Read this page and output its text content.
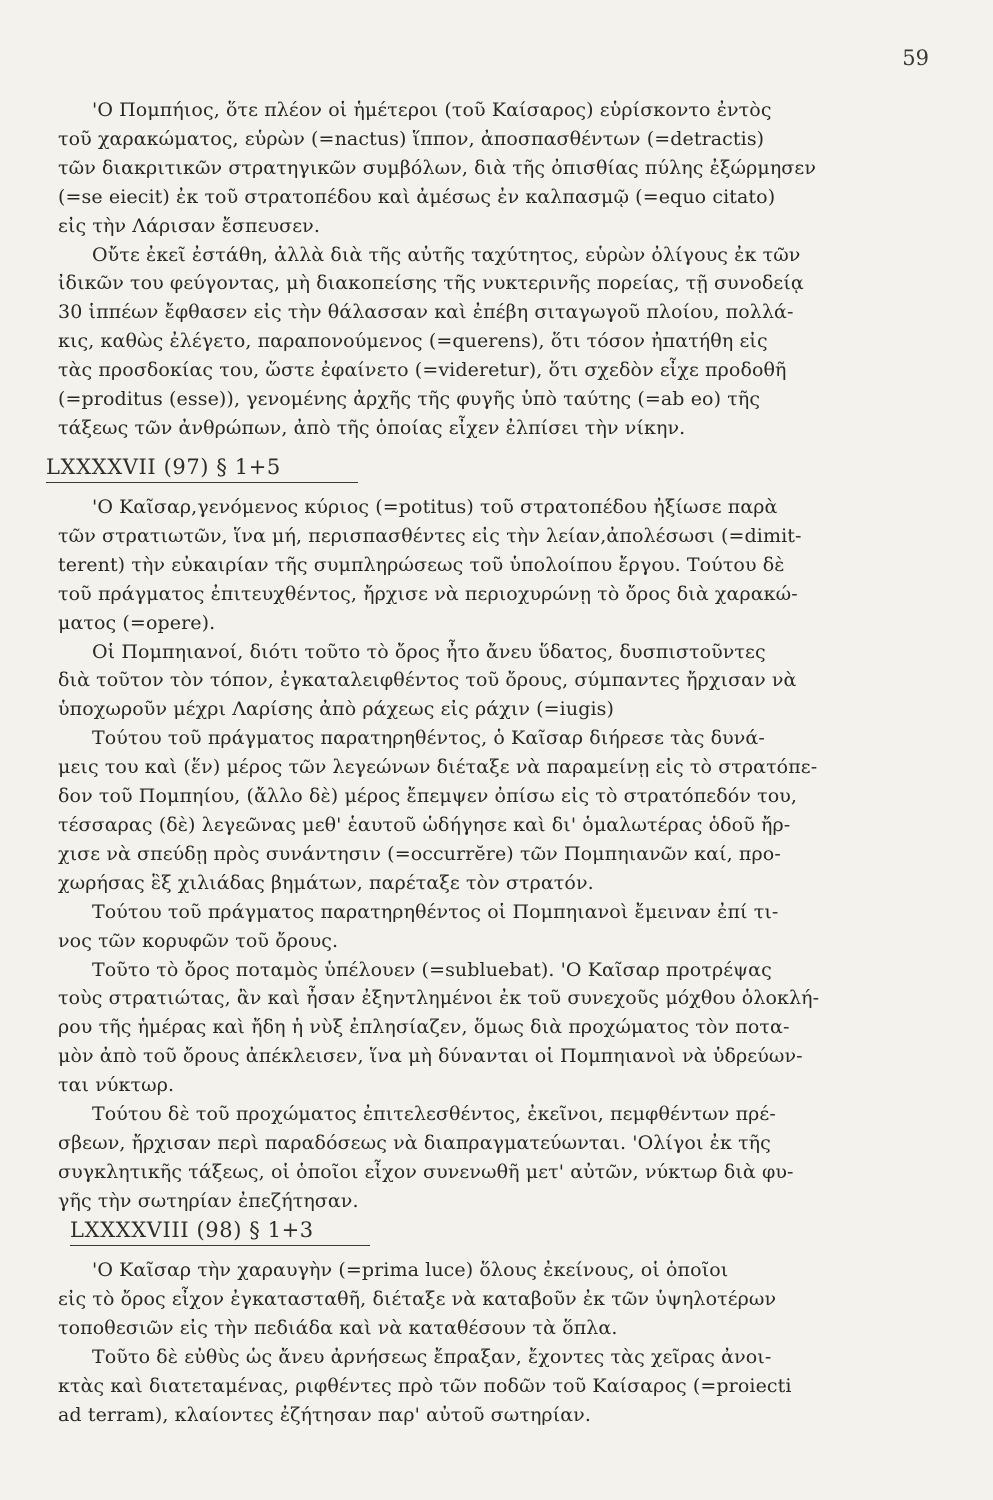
59
'Ο Πομπήιος, ὅτε πλέον οἱ ἡμέτεροι (τοῦ Καίσαρος) εὑρίσκοντο ἐντὸς
τοῦ χαρακώματος, εὑρὼν (=nactus) ἵππον, ἀποσπασθέντων (=detractis)
τῶν διακριτικῶν στρατηγικῶν συμβόλων, διὰ τῆς ὀπισθίας πύλης ἐξώρμησεν
(=se eiecit) ἐκ τοῦ στρατοπέδου καὶ ἀμέσως ἐν καλπασμῷ (=equo citato)
εἰς τὴν Λάρισαν ἔσπευσεν.
Οὔτε ἐκεῖ ἐστάθη, ἀλλὰ διὰ τῆς αὐτῆς ταχύτητος, εὑρὼν ὀλίγους ἐκ τῶν
ἰδικῶν του φεύγοντας, μὴ διακοπείσης τῆς νυκτερινῆς πορείας, τῇ συνοδείᾳ
30 ἱππέων ἔφθασεν εἰς τὴν θάλασσαν καὶ ἐπέβη σιταγωγοῦ πλοίου, πολλά-
κις, καθὼς ἐλέγετο, παραπονούμενος (=querens), ὅτι τόσον ἠπατήθη εἰς
τὰς προσδοκίας του, ὥστε ἐφαίνετο (=videretur), ὅτι σχεδὸν εἶχε προδοθῆ
(=proditus (esse)), γενομένης ἀρχῆς τῆς φυγῆς ὑπὸ ταύτης (=ab eo) τῆς
τάξεως τῶν ἀνθρώπων, ἀπὸ τῆς ὁποίας εἶχεν ἐλπίσει τὴν νίκην.
LXXXXVII (97) § 1+5
'Ο Καῖσαρ,γενόμενος κύριος (=potitus) τοῦ στρατοπέδου ἠξίωσε παρὰ
τῶν στρατιωτῶν, ἵνα μή, περισπασθέντες εἰς τὴν λείαν,ἀπολέσωσι (=dimit-
terent) τὴν εὐκαιρίαν τῆς συμπληρώσεως τοῦ ὑπολοίπου ἔργου. Τούτου δὲ
τοῦ πράγματος ἐπιτευχθέντος, ἤρχισε νὰ περιοχυρώνῃ τὸ ὄρος διὰ χαρακώ-
ματος (=opere).
Οἱ Πομπηιανοί, διότι τοῦτο τὸ ὄρος ἦτο ἄνευ ὕδατος, δυσπιστοῦντες
διὰ τοῦτον τὸν τόπον, ἐγκαταλειφθέντος τοῦ ὄρους, σύμπαντες ἤρχισαν νὰ
ὑποχωροῦν μέχρι Λαρίσης ἀπὸ ράχεως εἰς ράχιν (=iugis)
Τούτου τοῦ πράγματος παρατηρηθέντος, ὁ Καῖσαρ διήρεσε τὰς δυνά-
μεις του καὶ (ἕν) μέρος τῶν λεγεώνων διέταξε νὰ παραμείνῃ εἰς τὸ στρατόπε-
δον τοῦ Πομπηίου, (ἄλλο δὲ) μέρος ἔπεμψεν ὀπίσω εἰς τὸ στρατόπεδόν του,
τέσσαρας (δὲ) λεγεῶνας μεθ' ἑαυτοῦ ὡδήγησε καὶ δι' ὁμαλωτέρας ὁδοῦ ἤρ-
χισε νὰ σπεύδῃ πρὸς συνάντησιν (=occurrĕre) τῶν Πομπηιανῶν καί, προ-
χωρήσας ἓξ χιλιάδας βημάτων, παρέταξε τὸν στρατόν.
Τούτου τοῦ πράγματος παρατηρηθέντος οἱ Πομπηιανοὶ ἔμειναν ἐπί τι-
νος τῶν κορυφῶν τοῦ ὄρους.
Τοῦτο τὸ ὄρος ποταμὸς ὑπέλουεν (=subluebat). 'Ο Καῖσαρ προτρέψας
τοὺς στρατιώτας, ἂν καὶ ἦσαν ἐξηντλημένοι ἐκ τοῦ συνεχοῦς μόχθου ὁλοκλή-
ρου τῆς ἡμέρας καὶ ἤδη ἡ νὺξ ἐπλησίαζεν, ὅμως διὰ προχώματος τὸν ποτα-
μὸν ἀπὸ τοῦ ὄρους ἀπέκλεισεν, ἵνα μὴ δύνανται οἱ Πομπηιανοὶ νὰ ὑδρεύων-
ται νύκτωρ.
Τούτου δὲ τοῦ προχώματος ἐπιτελεσθέντος, ἐκεῖνοι, πεμφθέντων πρέ-
σβεων, ἤρχισαν περὶ παραδόσεως νὰ διαπραγματεύωνται. 'Ολίγοι ἐκ τῆς
συγκλητικῆς τάξεως, οἱ ὁποῖοι εἶχον συνενωθῆ μετ' αὐτῶν, νύκτωρ διὰ φυ-
γῆς τὴν σωτηρίαν ἐπεζήτησαν.
LXXXXVIII (98) § 1+3
'Ο Καῖσαρ τὴν χαραυγὴν (=prima luce) ὅλους ἐκείνους, οἱ ὁποῖοι
εἰς τὸ ὄρος εἶχον ἐγκατασταθῆ, διέταξε νὰ καταβοῦν ἐκ τῶν ὑψηλοτέρων
τοποθεσιῶν εἰς τὴν πεδιάδα καὶ νὰ καταθέσουν τὰ ὅπλα.
Τοῦτο δὲ εὐθὺς ὡς ἄνευ ἀρνήσεως ἔπραξαν, ἔχοντες τὰς χεῖρας ἀνοι-
κτὰς καὶ διατεταμένας, ριφθέντες πρὸ τῶν ποδῶν τοῦ Καίσαρος (=proiecti
ad terram), κλαίοντες ἐζήτησαν παρ' αὐτοῦ σωτηρίαν.
